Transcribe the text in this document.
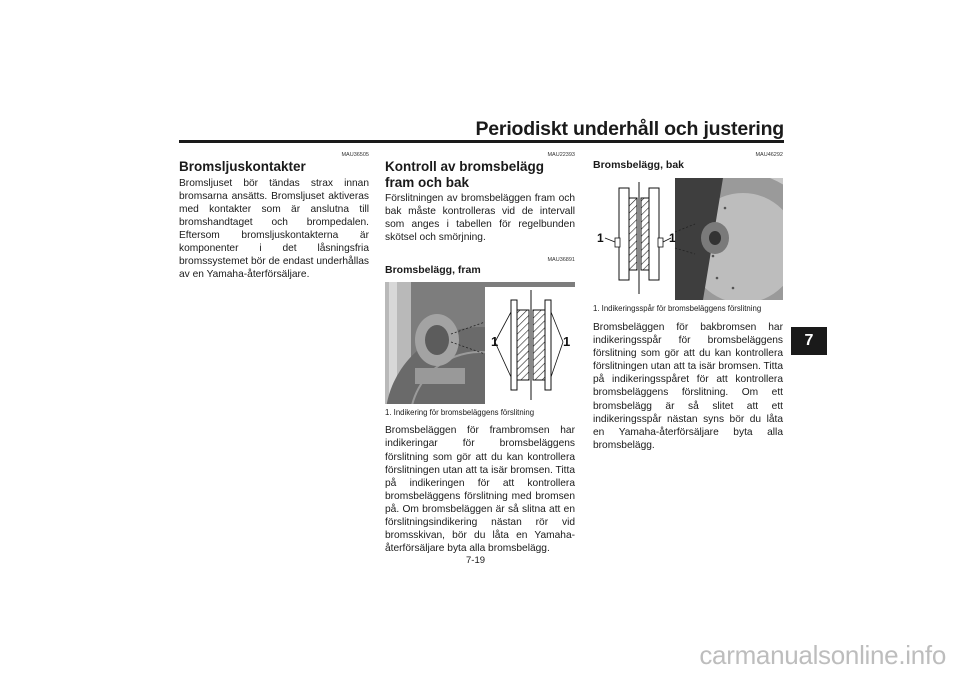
Periodiskt underhåll och justering
7
MAU36505
Bromsljuskontakter

Bromsljuset bör tändas strax innan bromsarna ansätts. Bromsljuset aktiveras med kontakter som är anslutna till bromshandtaget och brompedalen. Eftersom bromsljuskontakterna är komponenter i det låsningsfria bromssystemet bör de endast underhållas av en Yamaha-återförsäljare.

MAU22393
Kontroll av bromsbelägg fram och bak

Förslitningen av bromsbeläggen fram och bak måste kontrolleras vid de intervall som anges i tabellen för regelbunden skötsel och smörjning.

MAU36891
Bromsbelägg, fram
1	1
1. Indikering för bromsbeläggens förslitning

Bromsbeläggen för frambromsen har indikeringar för bromsbeläggens förslitning som gör att du kan kontrollera förslitningen utan att ta isär bromsen. Titta på indikeringen för att kontrollera bromsbeläggens förslitning med bromsen på. Om bromsbeläggen är så slitna att en förslitningsindikering nästan rör vid bromsskivan, bör du låta en Yamaha-återförsäljare byta alla bromsbelägg.

MAU46292
Bromsbelägg, bak
1	1
1. Indikeringsspår för bromsbeläggens förslitning

Bromsbeläggen för bakbromsen har indikeringsspår för bromsbeläggens förslitning som gör att du kan kontrollera förslitningen utan att ta isär bromsen. Titta på indikeringsspåret för att kontrollera bromsbeläggens förslitning. Om ett bromsbelägg är så slitet att ett indikeringsspår nästan syns bör du låta en Yamaha-återförsäljare byta alla bromsbelägg.

7-19
carmanualsonline.info
